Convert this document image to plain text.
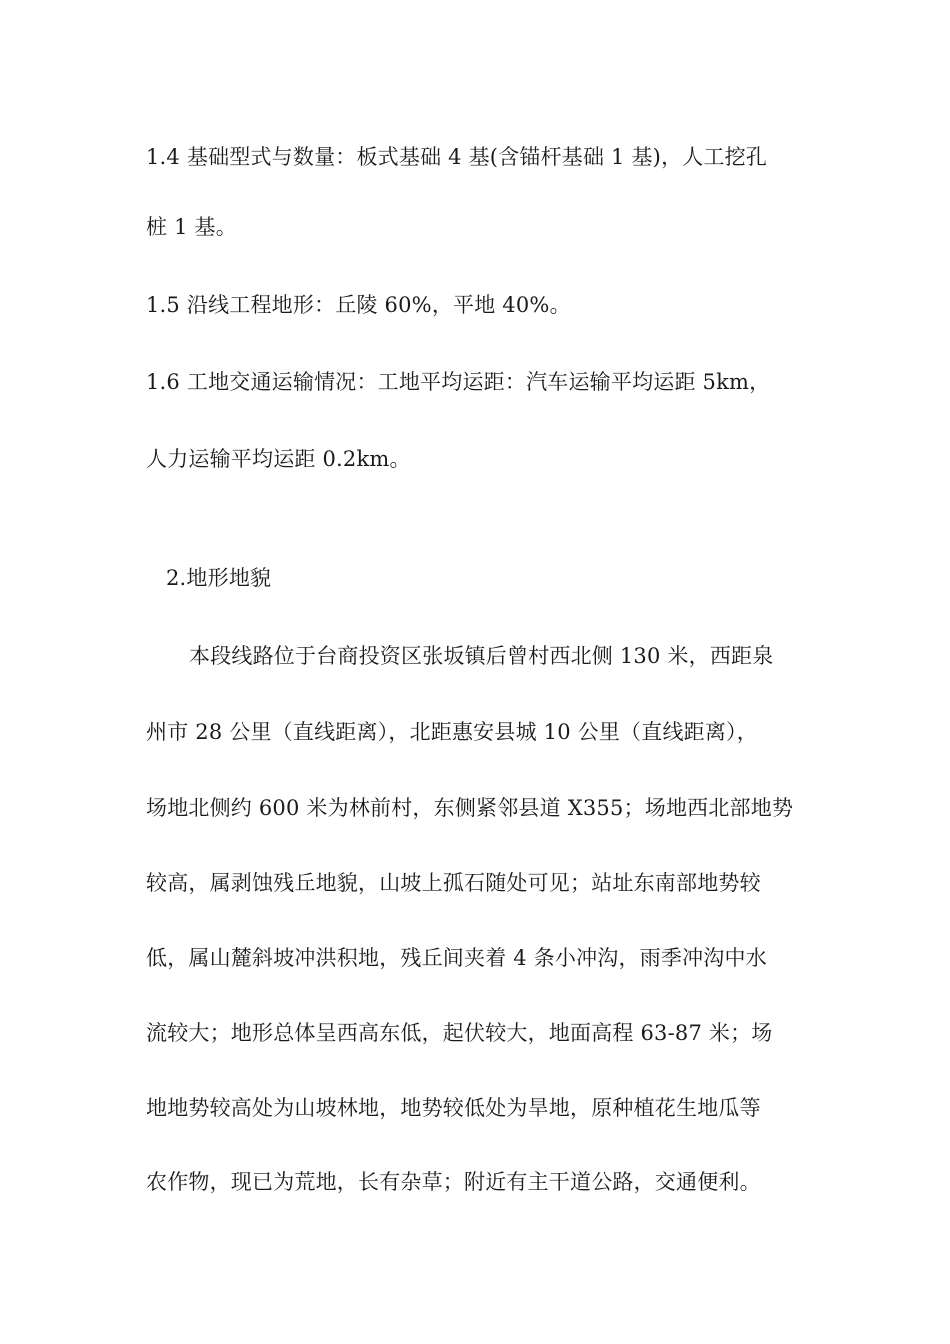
1.4 基础型式与数量：板式基础 4 基(含锚杆基础 1 基)，人工挖孔
桩 1 基。
1.5 沿线工程地形：丘陵 60%，平地 40%。
1.6 工地交通运输情况：工地平均运距：汽车运输平均运距 5km，
人力运输平均运距 0.2km。
2.地形地貌
本段线路位于台商投资区张坂镇后曾村西北侧 130 米，西距泉
州市 28 公里（直线距离），北距惠安县城 10 公里（直线距离），
场地北侧约 600 米为林前村，东侧紧邻县道 X355；场地西北部地势
较高，属剥蚀残丘地貌，山坡上孤石随处可见；站址东南部地势较
低，属山麓斜坡冲洪积地，残丘间夹着 4 条小冲沟，雨季冲沟中水
流较大；地形总体呈西高东低，起伏较大，地面高程 63-87 米；场
地地势较高处为山坡林地，地势较低处为旱地，原种植花生地瓜等
农作物，现已为荒地，长有杂草；附近有主干道公路，交通便利。
